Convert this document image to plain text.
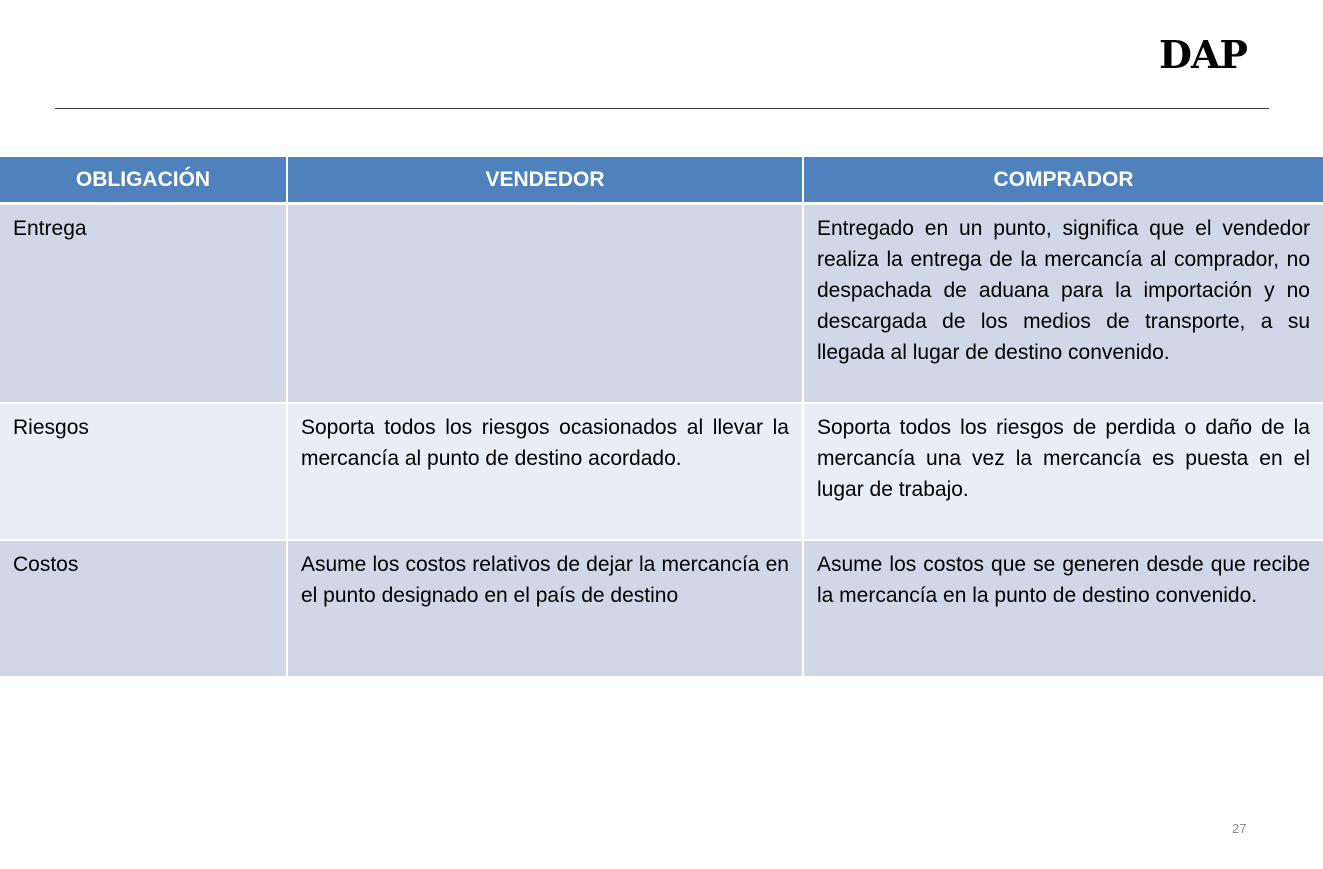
DAP
OBLIGACIÓN	VENDEDOR	COMPRADOR
Entrega		Entregado en un punto, significa que el vendedor realiza la entrega de la mercancía al comprador, no despachada de aduana para la importación y no descargada de los medios de transporte, a su llegada al lugar de destino convenido.
Riesgos	Soporta todos los riesgos ocasionados al llevar la mercancía al punto de destino acordado.	Soporta todos los riesgos de perdida o daño de la mercancía una vez la mercancía es puesta en el lugar de trabajo.
Costos	Asume los costos relativos de dejar la mercancía en el punto designado en el país de destino	Asume los costos que se generen desde que recibe la mercancía en la punto de destino convenido.
27
